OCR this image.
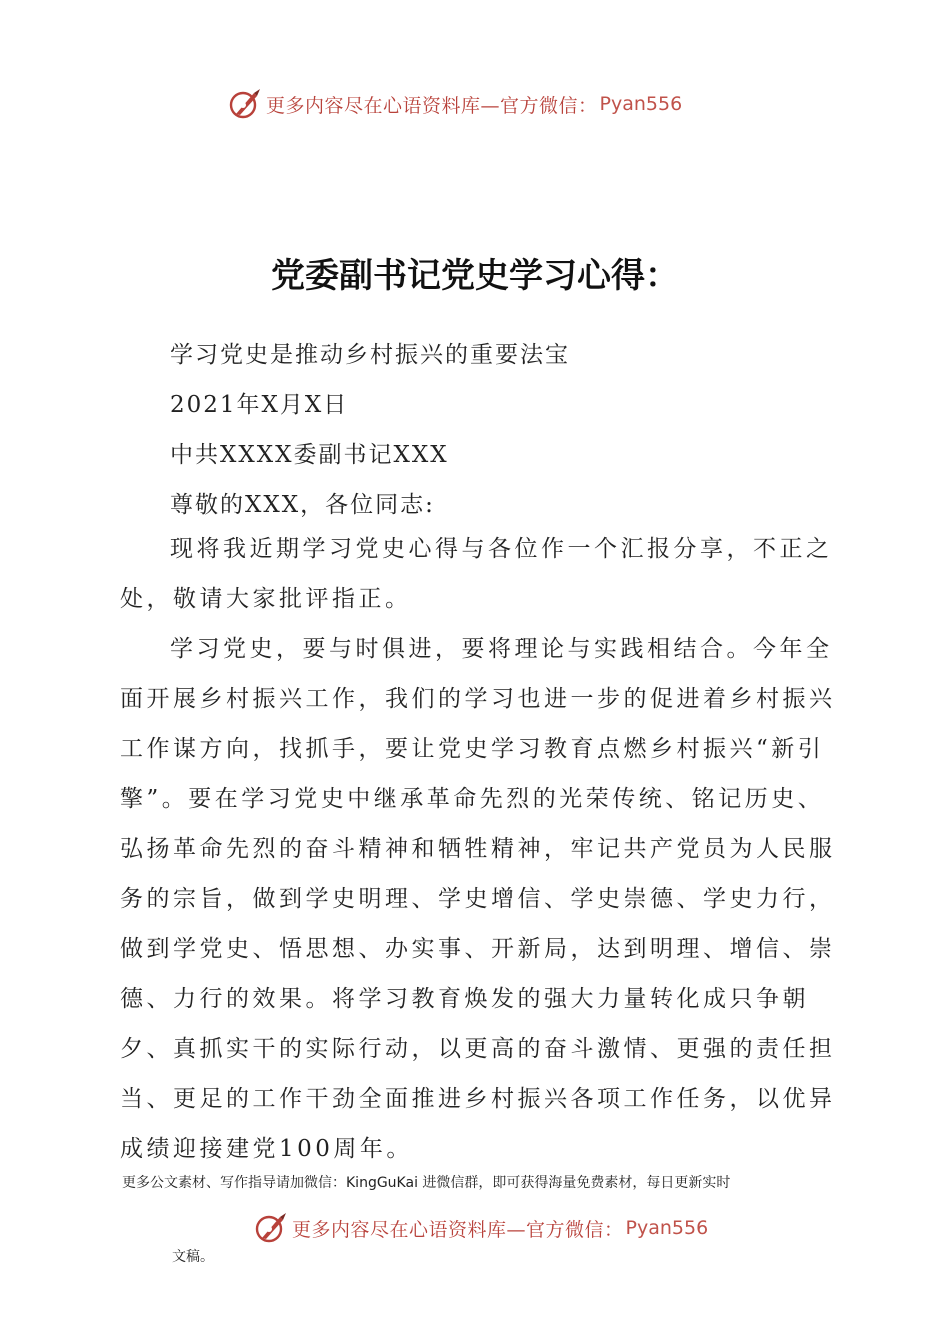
更多内容尽在心语资料库—官方微信： Pyan556
党委副书记党史学习心得：
学习党史是推动乡村振兴的重要法宝
2021年X月X日
中共XXXX委副书记XXX
尊敬的XXX，各位同志:

现将我近期学习党史心得与各位作一个汇报分享，不正之处，敬请大家批评指正。

学习党史，要与时俱进，要将理论与实践相结合。今年全面开展乡村振兴工作，我们的学习也进一步的促进着乡村振兴工作谋方向，找抓手，要让党史学习教育点燃乡村振兴“新引擎”。要在学习党史中继承革命先烈的光荣传统、铭记历史、弘扬革命先烈的奋斗精神和牺牲精神，牢记共产党员为人民服务的宗旨，做到学史明理、学史增信、学史崇德、学史力行，做到学党史、悟思想、办实事、开新局，达到明理、增信、崇德、力行的效果。将学习教育焕发的强大力量转化成只争朝夕、真抓实干的实际行动，以更高的奋斗激情、更强的责任担当、更足的工作干劲全面推进乡村振兴各项工作任务，以优异成绩迎接建党100周年。

更多公文素材、写作指导请加微信：KingGuKai 进微信群，即可获得海量免费素材，每日更新实时
更多内容尽在心语资料库—官方微信： Pyan556
文稿。
